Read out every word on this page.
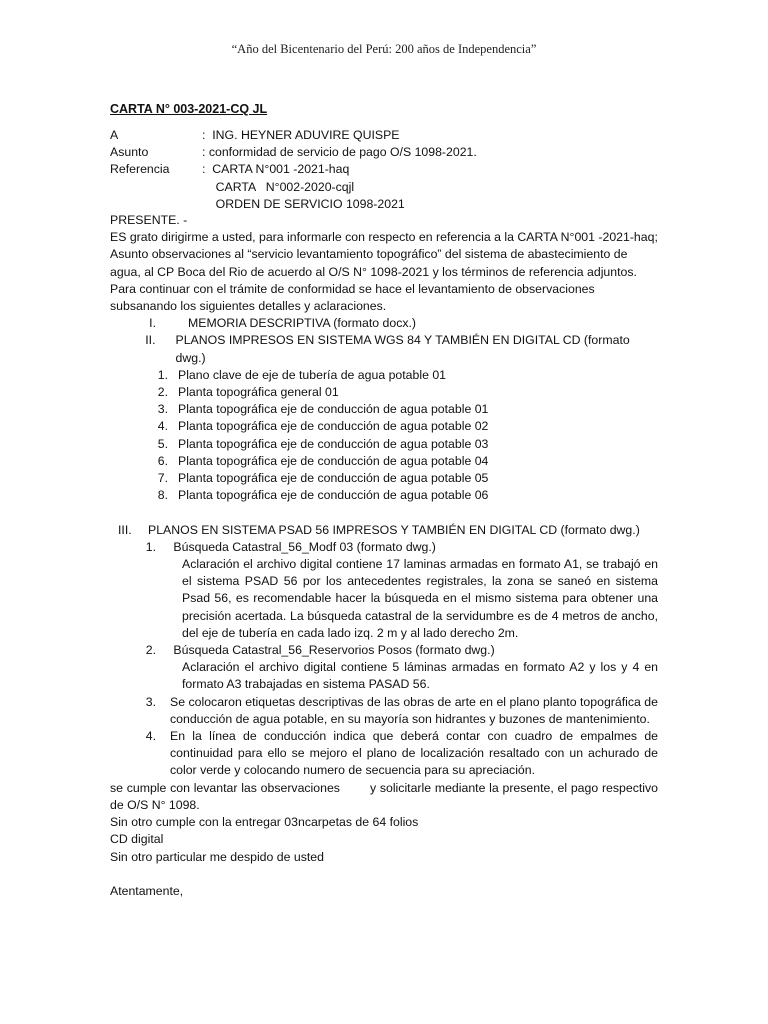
“Año del Bicentenario del Perú: 200 años de Independencia”
CARTA N° 003-2021-CQ JL
A	:  ING. HEYNER ADUVIRE QUISPE
Asunto	: conformidad de servicio de pago O/S 1098-2021.
Referencia	:  CARTA N°001 -2021-haq
CARTA   N°002-2020-cqjl
ORDEN DE SERVICIO 1098-2021

PRESENTE. -

ES grato dirigirme a usted, para informarle con respecto en referencia a la CARTA N°001 -2021-haq; Asunto observaciones al “servicio levantamiento topográfico” del sistema de abastecimiento de agua, al CP Boca del Rio de acuerdo al O/S N° 1098-2021 y los términos de referencia adjuntos.

Para continuar con el trámite de conformidad se hace el levantamiento de observaciones subsanando los siguientes detalles y aclaraciones.

I.	MEMORIA DESCRIPTIVA (formato docx.)
II.	PLANOS IMPRESOS EN SISTEMA WGS 84 Y TAMBIÉN EN DIGITAL CD (formato dwg.)
1. Plano clave de eje de tubería de agua potable 01
2. Planta topográfica general 01
3. Planta topográfica eje de conducción de agua potable 01
4. Planta topográfica eje de conducción de agua potable 02
5. Planta topográfica eje de conducción de agua potable 03
6. Planta topográfica eje de conducción de agua potable 04
7. Planta topográfica eje de conducción de agua potable 05
8. Planta topográfica eje de conducción de agua potable 06
III.	PLANOS EN SISTEMA PSAD 56 IMPRESOS Y TAMBIÉN EN DIGITAL CD (formato dwg.)
1.	Búsqueda Catastral_56_Modf 03 (formato dwg.)

Aclaración el archivo digital contiene 17 laminas armadas en formato A1, se trabajó en el sistema PSAD 56 por los antecedentes registrales, la zona se saneó en sistema Psad 56, es recomendable hacer la búsqueda en el mismo sistema para obtener una precisión acertada. La búsqueda catastral de la servidumbre es de 4 metros de ancho, del eje de tubería en cada lado izq. 2 m y al lado derecho 2m.

2.	Búsqueda Catastral_56_Reservorios Posos (formato dwg.)

Aclaración el archivo digital contiene 5 láminas armadas en formato A2 y los y 4 en formato A3 trabajadas en sistema PASAD 56.

3.	Se colocaron etiquetas descriptivas de las obras de arte en el plano planto topográfica de conducción de agua potable, en su mayoría son hidrantes y buzones de mantenimiento.
4.	En la línea de conducción indica que deberá contar con cuadro de empalmes de continuidad para ello se mejoro el plano de localización resaltado con un achurado de color verde y colocando numero de secuencia para su apreciación.

se cumple con levantar las observaciones        y solicitarle mediante la presente, el pago respectivo de O/S N° 1098.

Sin otro cumple con la entregar 03ncarpetas de 64 folios

CD digital

Sin otro particular me despido de usted

Atentamente,
